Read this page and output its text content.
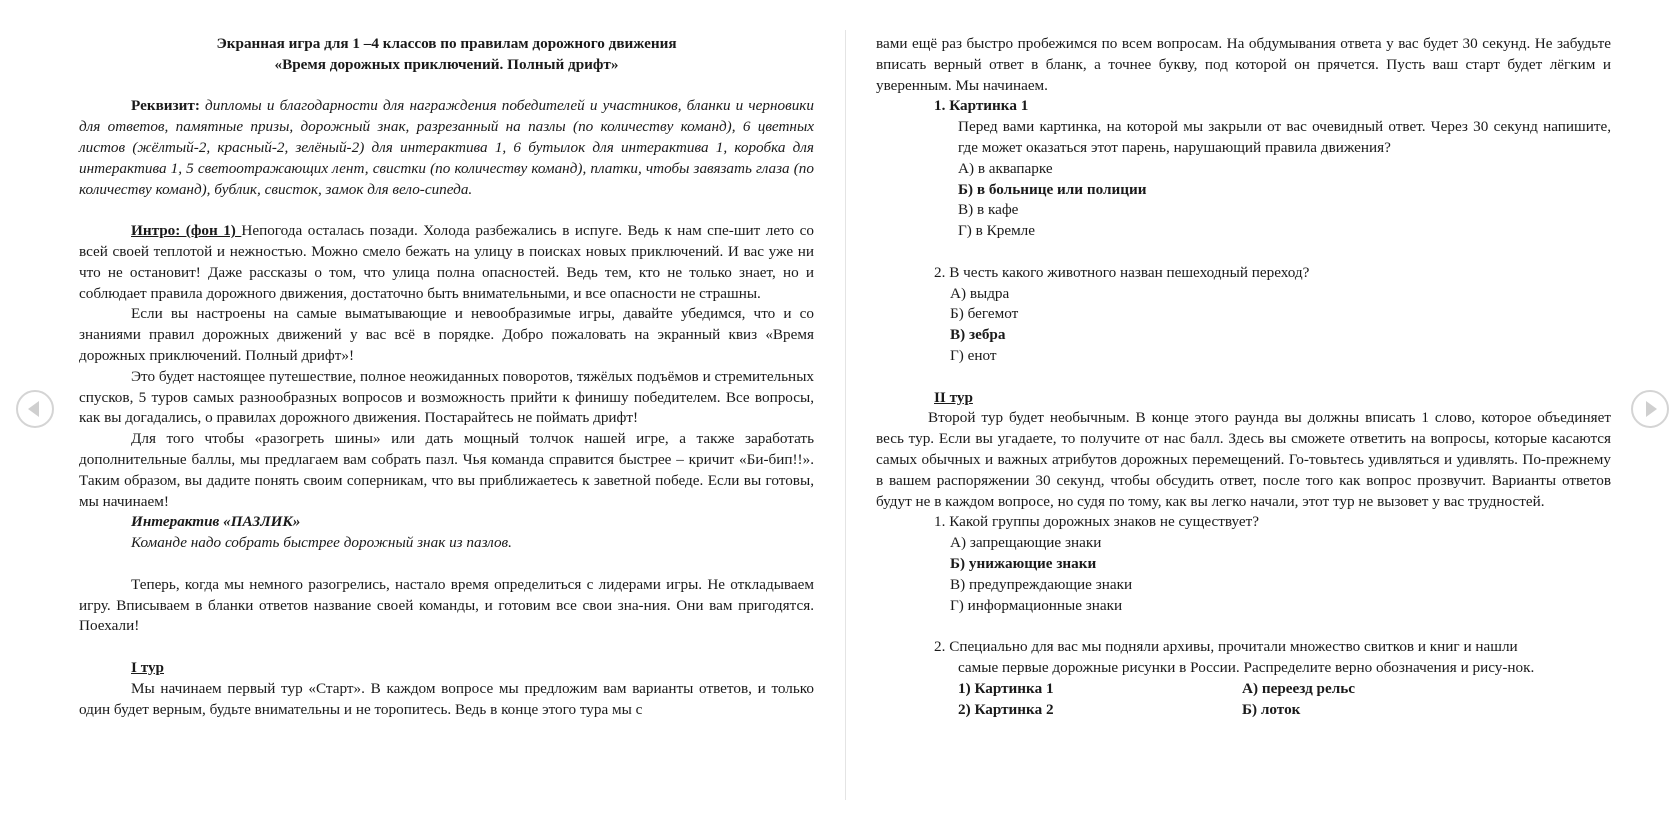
Экранная игра для 1 –4 классов по правилам дорожного движения

«Время дорожных приключений. Полный дрифт»

Реквизит: дипломы и благодарности для награждения победителей и участников, бланки и черновики для ответов, памятные призы, дорожный знак, разрезанный на пазлы (по количеству команд), 6 цветных листов (жёлтый-2, красный-2, зелёный-2) для интерактива 1, 6 бутылок для интерактива 1, коробка для интерактива 1, 5 светоотражающих лент, свистки (по количеству команд), платки, чтобы завязать глаза (по количеству команд), бублик, свисток, замок для вело-сипеда.

Интро: (фон 1) Непогода осталась позади. Холода разбежались в испуге. Ведь к нам спе-шит лето со всей своей теплотой и нежностью. Можно смело бежать на улицу в поисках новых приключений. И вас уже ни что не остановит! Даже рассказы о том, что улица полна опасностей. Ведь тем, кто не только знает, но и соблюдает правила дорожного движения, достаточно быть внимательными, и все опасности не страшны.

Если вы настроены на самые выматывающие и невообразимые игры, давайте убедимся, что и со знаниями правил дорожных движений у вас всё в порядке. Добро пожаловать на экранный квиз «Время дорожных приключений. Полный дрифт»!

Это будет настоящее путешествие, полное неожиданных поворотов, тяжёлых подъёмов и стремительных спусков, 5 туров самых разнообразных вопросов и возможность прийти к финишу победителем. Все вопросы, как вы догадались, о правилах дорожного движения. Постарайтесь не поймать дрифт!

Для того чтобы «разогреть шины» или дать мощный толчок нашей игре, а также заработать дополнительные баллы, мы предлагаем вам собрать пазл. Чья команда справится быстрее – кричит «Би-бип!!». Таким образом, вы дадите понять своим соперникам, что вы приближаетесь к заветной победе. Если вы готовы, мы начинаем!

Интерактив «ПАЗЛИК»

Команде надо собрать быстрее дорожный знак из пазлов.

Теперь, когда мы немного разогрелись, настало время определиться с лидерами игры. Не откладываем игру. Вписываем в бланки ответов название своей команды, и готовим все свои зна-ния. Они вам пригодятся. Поехали!

I тур

Мы начинаем первый тур «Старт». В каждом вопросе мы предложим вам варианты ответов, и только один будет верным, будьте внимательны и не торопитесь. Ведь в конце этого тура мы с

вами ещё раз быстро пробежимся по всем вопросам. На обдумывания ответа у вас будет 30 секунд. Не забудьте вписать верный ответ в бланк, а точнее букву, под которой он прячется. Пусть ваш старт будет лёгким и уверенным. Мы начинаем.

1. Картинка 1

Перед вами картинка, на которой мы закрыли от вас очевидный ответ. Через 30 секунд напишите, где может оказаться этот парень, нарушающий правила движения?

А) в аквапарке

Б) в больнице или полиции

В) в кафе

Г) в Кремле

2. В честь какого животного назван пешеходный переход?

А) выдра

Б) бегемот

В) зебра

Г) енот

II тур

Второй тур будет необычным. В конце этого раунда вы должны вписать 1 слово, которое объединяет весь тур. Если вы угадаете, то получите от нас балл. Здесь вы сможете ответить на вопросы, которые касаются самых обычных и важных атрибутов дорожных перемещений. Го-товьтесь удивляться и удивлять. По-прежнему в вашем распоряжении 30 секунд, чтобы обсудить ответ, после того как вопрос прозвучит. Варианты ответов будут не в каждом вопросе, но судя по тому, как вы легко начали, этот тур не вызовет у вас трудностей.

1. Какой группы дорожных знаков не существует?

А) запрещающие знаки

Б) унижающие знаки

В) предупреждающие знаки

Г) информационные знаки

2. Специально для вас мы подняли архивы, прочитали множество свитков и книг и нашли

самые первые дорожные рисунки в России. Распределите верно обозначения и рису-нок.

1) Картинка 1	А) переезд рельс
2) Картинка 2	Б) лоток
